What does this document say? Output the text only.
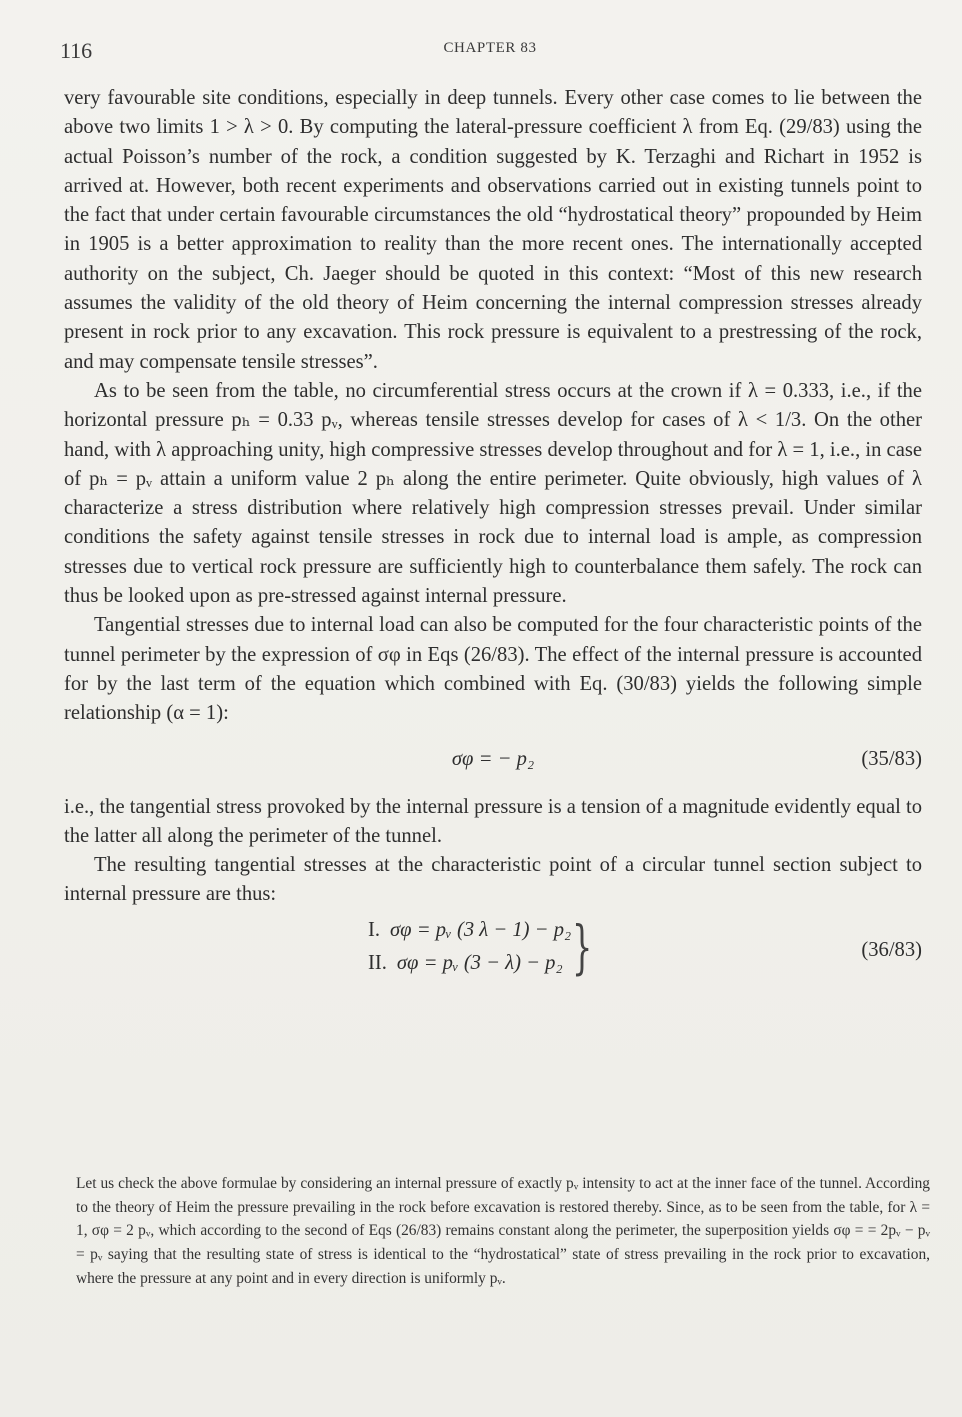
116	CHAPTER 83

very favourable site conditions, especially in deep tunnels. Every other case comes to lie between the above two limits 1 > λ > 0. By computing the lateral-pressure coefficient λ from Eq. (29/83) using the actual Poisson’s number of the rock, a condition suggested by K. Terzaghi and Richart in 1952 is arrived at. However, both recent experiments and observations carried out in existing tunnels point to the fact that under certain favourable circumstances the old “hydrostatical theory” propounded by Heim in 1905 is a better approximation to reality than the more recent ones. The internationally accepted authority on the subject, Ch. Jaeger should be quoted in this context: “Most of this new research assumes the validity of the old theory of Heim concerning the internal compression stresses already present in rock prior to any excavation. This rock pressure is equivalent to a prestressing of the rock, and may compensate tensile stresses”.

As to be seen from the table, no circumferential stress occurs at the crown if λ = 0.333, i.e., if the horizontal pressure pₕ = 0.33 pᵥ, whereas tensile stresses develop for cases of λ < 1/3. On the other hand, with λ approaching unity, high compressive stresses develop throughout and for λ = 1, i.e., in case of pₕ = pᵥ attain a uniform value 2 pₕ along the entire perimeter. Quite obviously, high values of λ characterize a stress distribution where relatively high compression stresses prevail. Under similar conditions the safety against tensile stresses in rock due to internal load is ample, as compression stresses due to vertical rock pressure are sufficiently high to counterbalance them safely. The rock can thus be looked upon as pre-stressed against internal pressure.

Tangential stresses due to internal load can also be computed for the four characteristic points of the tunnel perimeter by the expression of σφ in Eqs (26/83). The effect of the internal pressure is accounted for by the last term of the equation which combined with Eq. (30/83) yields the following simple relationship (α = 1):

σφ = − p₂	(35/83)

i.e., the tangential stress provoked by the internal pressure is a tension of a magnitude evidently equal to the latter all along the perimeter of the tunnel.

The resulting tangential stresses at the characteristic point of a circular tunnel section subject to internal pressure are thus:

I. σφ = pᵥ (3 λ − 1) − p₂
II. σφ = pᵥ (3 − λ) − p₂ }	(36/83)

Let us check the above formulae by considering an internal pressure of exactly pᵥ intensity to act at the inner face of the tunnel. According to the theory of Heim the pressure prevailing in the rock before excavation is restored thereby. Since, as to be seen from the table, for λ = 1, σφ = 2 pᵥ, which according to the second of Eqs (26/83) remains constant along the perimeter, the superposition yields σφ = = 2pᵥ − pᵥ = pᵥ saying that the resulting state of stress is identical to the “hydrostatical” state of stress prevailing in the rock prior to excavation, where the pressure at any point and in every direction is uniformly pᵥ.
